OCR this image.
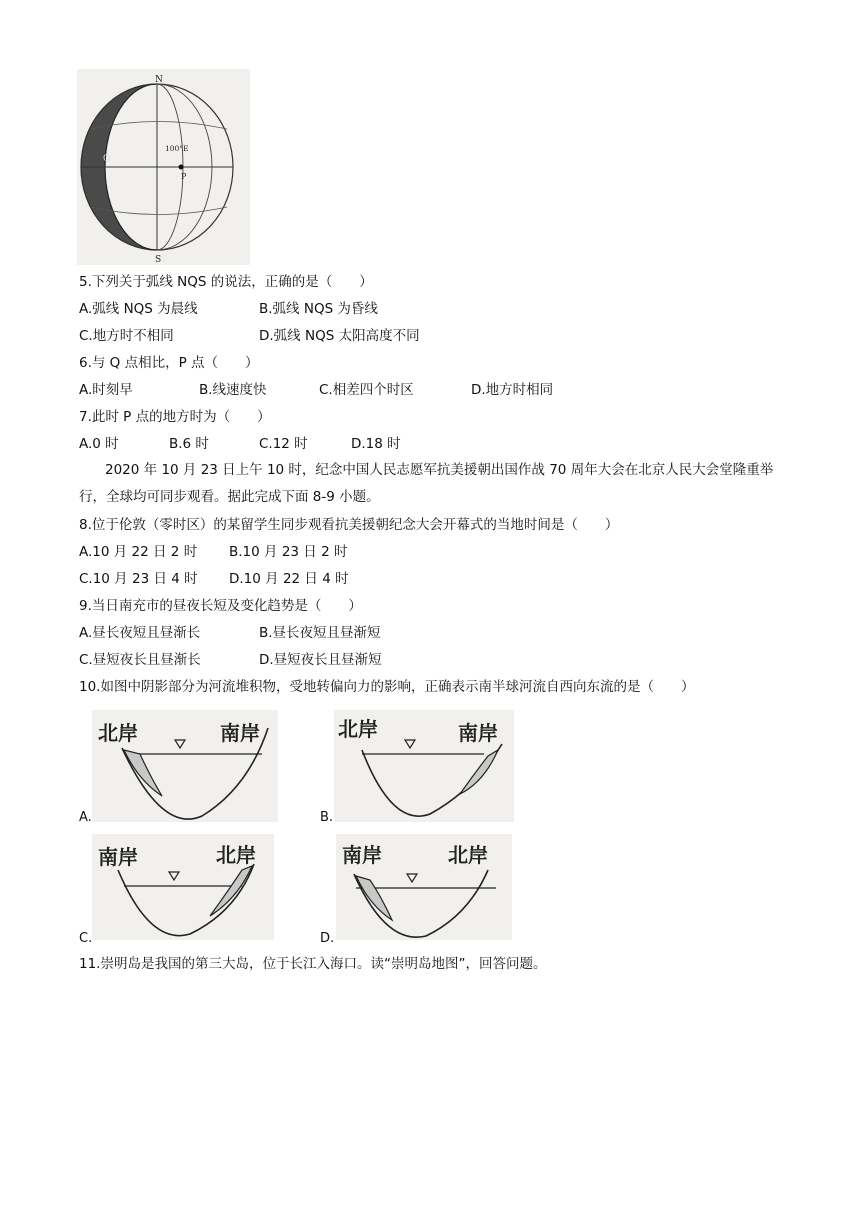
N
S
Q
P
100°E
5.下列关于弧线 NQS 的说法，正确的是（　　）
A.弧线 NQS 为晨线	B.弧线 NQS 为昏线
C.地方时不相同	D.弧线 NQS 太阳高度不同
6.与 Q 点相比，P 点（　　）
A.时刻早	B.线速度快	C.相差四个时区	D.地方时相同
7.此时 P 点的地方时为（　　）
A.0 时	B.6 时	C.12 时	D.18 时
2020 年 10 月 23 日上午 10 时，纪念中国人民志愿军抗美援朝出国作战 70 周年大会在北京人民大会堂隆重举行，全球均可同步观看。据此完成下面 8-9 小题。
8.位于伦敦（零时区）的某留学生同步观看抗美援朝纪念大会开幕式的当地时间是（　　）
A.10 月 22 日 2 时 B.10 月 23 日 2 时
C.10 月 23 日 4 时 D.10 月 22 日 4 时
9.当日南充市的昼夜长短及变化趋势是（　　）
A.昼长夜短且昼渐长	B.昼长夜短且昼渐短
C.昼短夜长且昼渐长	D.昼短夜长且昼渐短
10.如图中阴影部分为河流堆积物，受地转偏向力的影响，正确表示南半球河流自西向东流的是（　　）
北岸	南岸
A.
北岸	南岸
B.
南岸	北岸
C.
南岸	北岸
D.
11.崇明岛是我国的第三大岛，位于长江入海口。读“崇明岛地图”，回答问题。
